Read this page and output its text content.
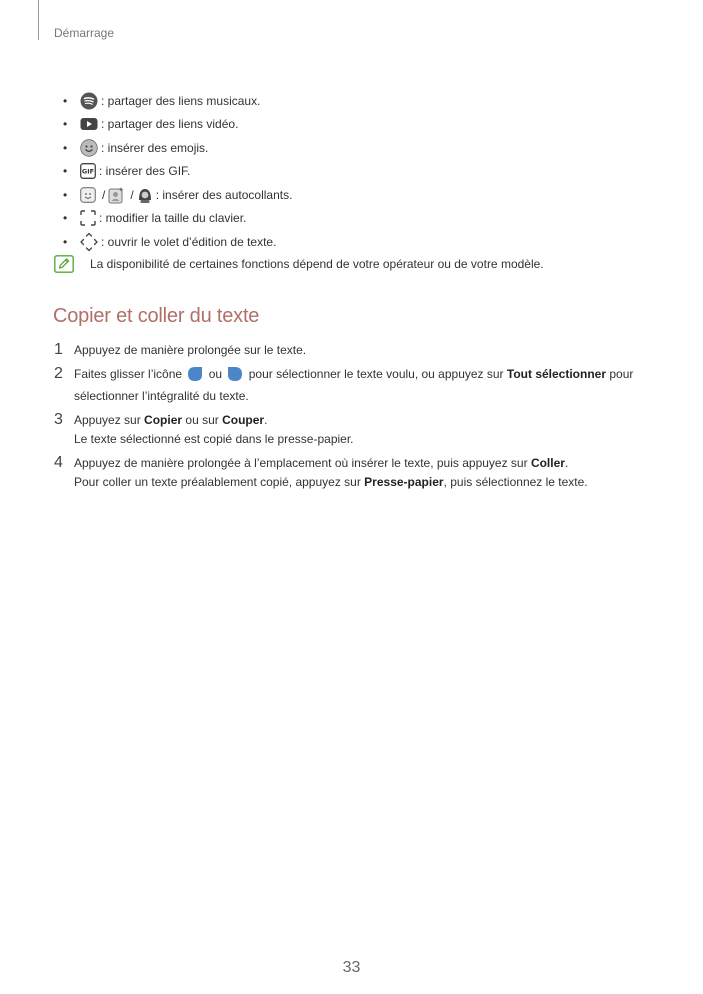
Démarrage
•	: partager des liens musicaux.
•	: partager des liens vidéo.
•	: insérer des emojis.
•	GIF : insérer des GIF.
•	/ / : insérer des autocollants.
•	: modifier la taille du clavier.
•	: ouvrir le volet d’édition de texte.
La disponibilité de certaines fonctions dépend de votre opérateur ou de votre modèle.
Copier et coller du texte
1 Appuyez de manière prolongée sur le texte.
2 Faites glisser l’icône  ou  pour sélectionner le texte voulu, ou appuyez sur Tout sélectionner pour sélectionner l’intégralité du texte.
3 Appuyez sur Copier ou sur Couper.
Le texte sélectionné est copié dans le presse-papier.
4 Appuyez de manière prolongée à l’emplacement où insérer le texte, puis appuyez sur Coller.
Pour coller un texte préalablement copié, appuyez sur Presse-papier, puis sélectionnez le texte.
33
